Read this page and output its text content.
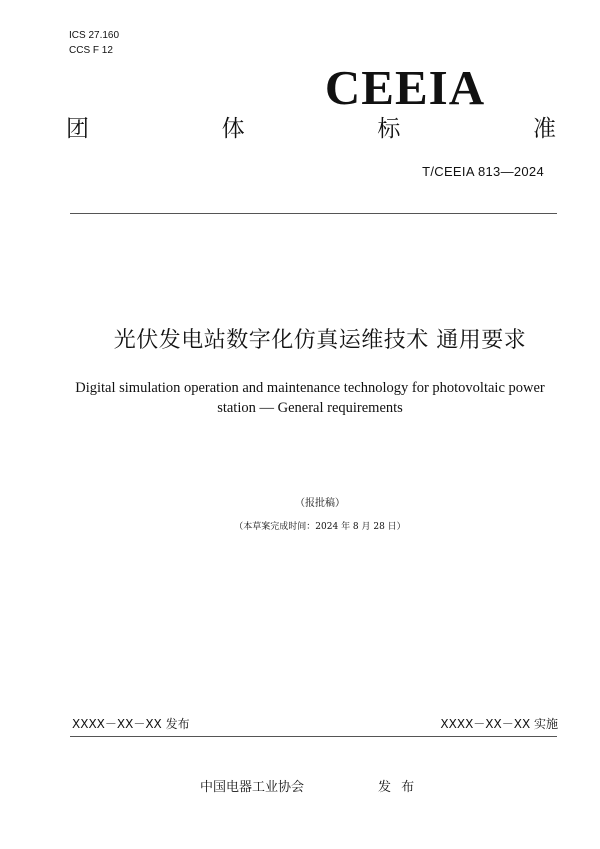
ICS 27.160
CCS F 12
CEEIA
团	体	标	准
T/CEEIA 813—2024
光伏发电站数字化仿真运维技术 通用要求
Digital simulation operation and maintenance technology for photovoltaic power station — General requirements
（报批稿）
（本草案完成时间：2024 年 8 月 28 日）
XXXX－XX－XX 发布	XXXX－XX－XX 实施
中国电器工业协会	发 布
